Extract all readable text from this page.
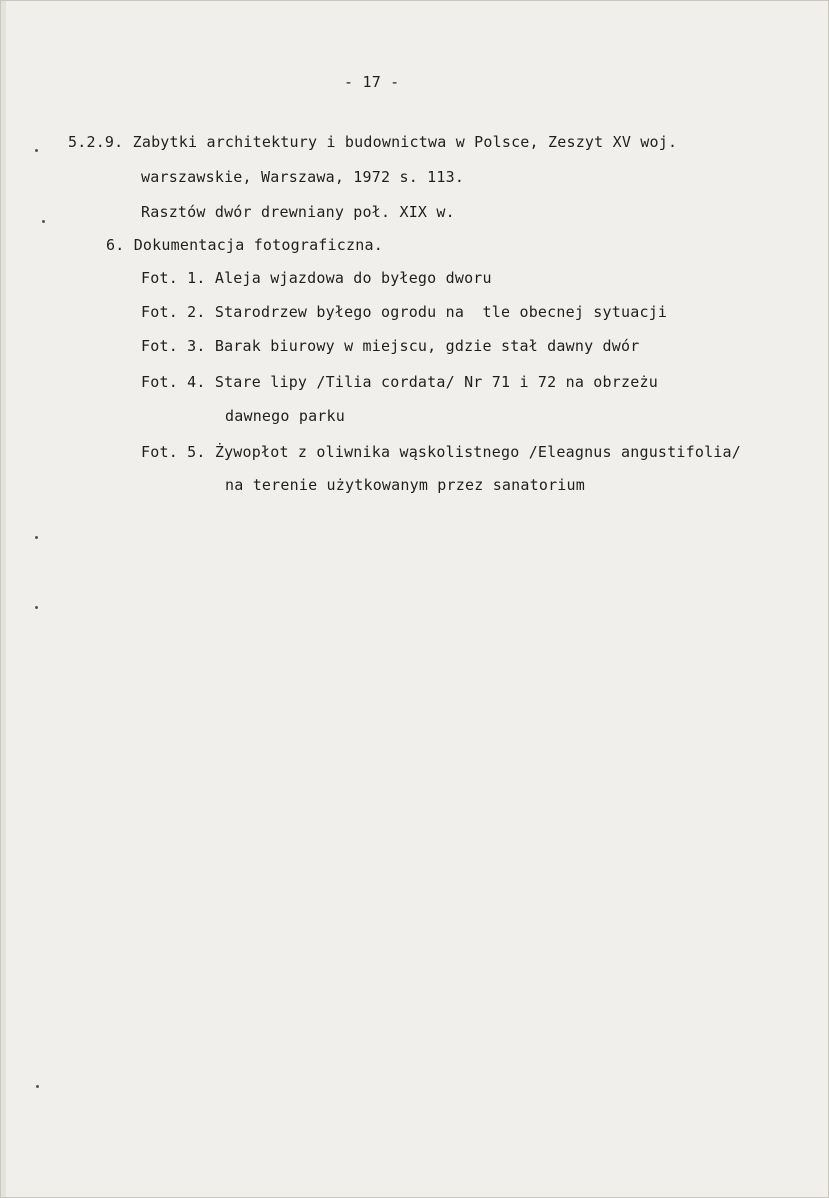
- 17 -

5.2.9. Zabytki architektury i budownictwa w Polsce, Zeszyt XV woj.

warszawskie, Warszawa, 1972 s. 113.

Rasztów dwór drewniany poł. XIX w.

6. Dokumentacja fotograficzna.

Fot. 1. Aleja wjazdowa do byłego dworu

Fot. 2. Starodrzew byłego ogrodu na  tle obecnej sytuacji

Fot. 3. Barak biurowy w miejscu, gdzie stał dawny dwór

Fot. 4. Stare lipy /Tilia cordata/ Nr 71 i 72 na obrzeżu

dawnego parku

Fot. 5. Żywopłot z oliwnika wąskolistnego /Eleagnus angustifolia/

na terenie użytkowanym przez sanatorium
